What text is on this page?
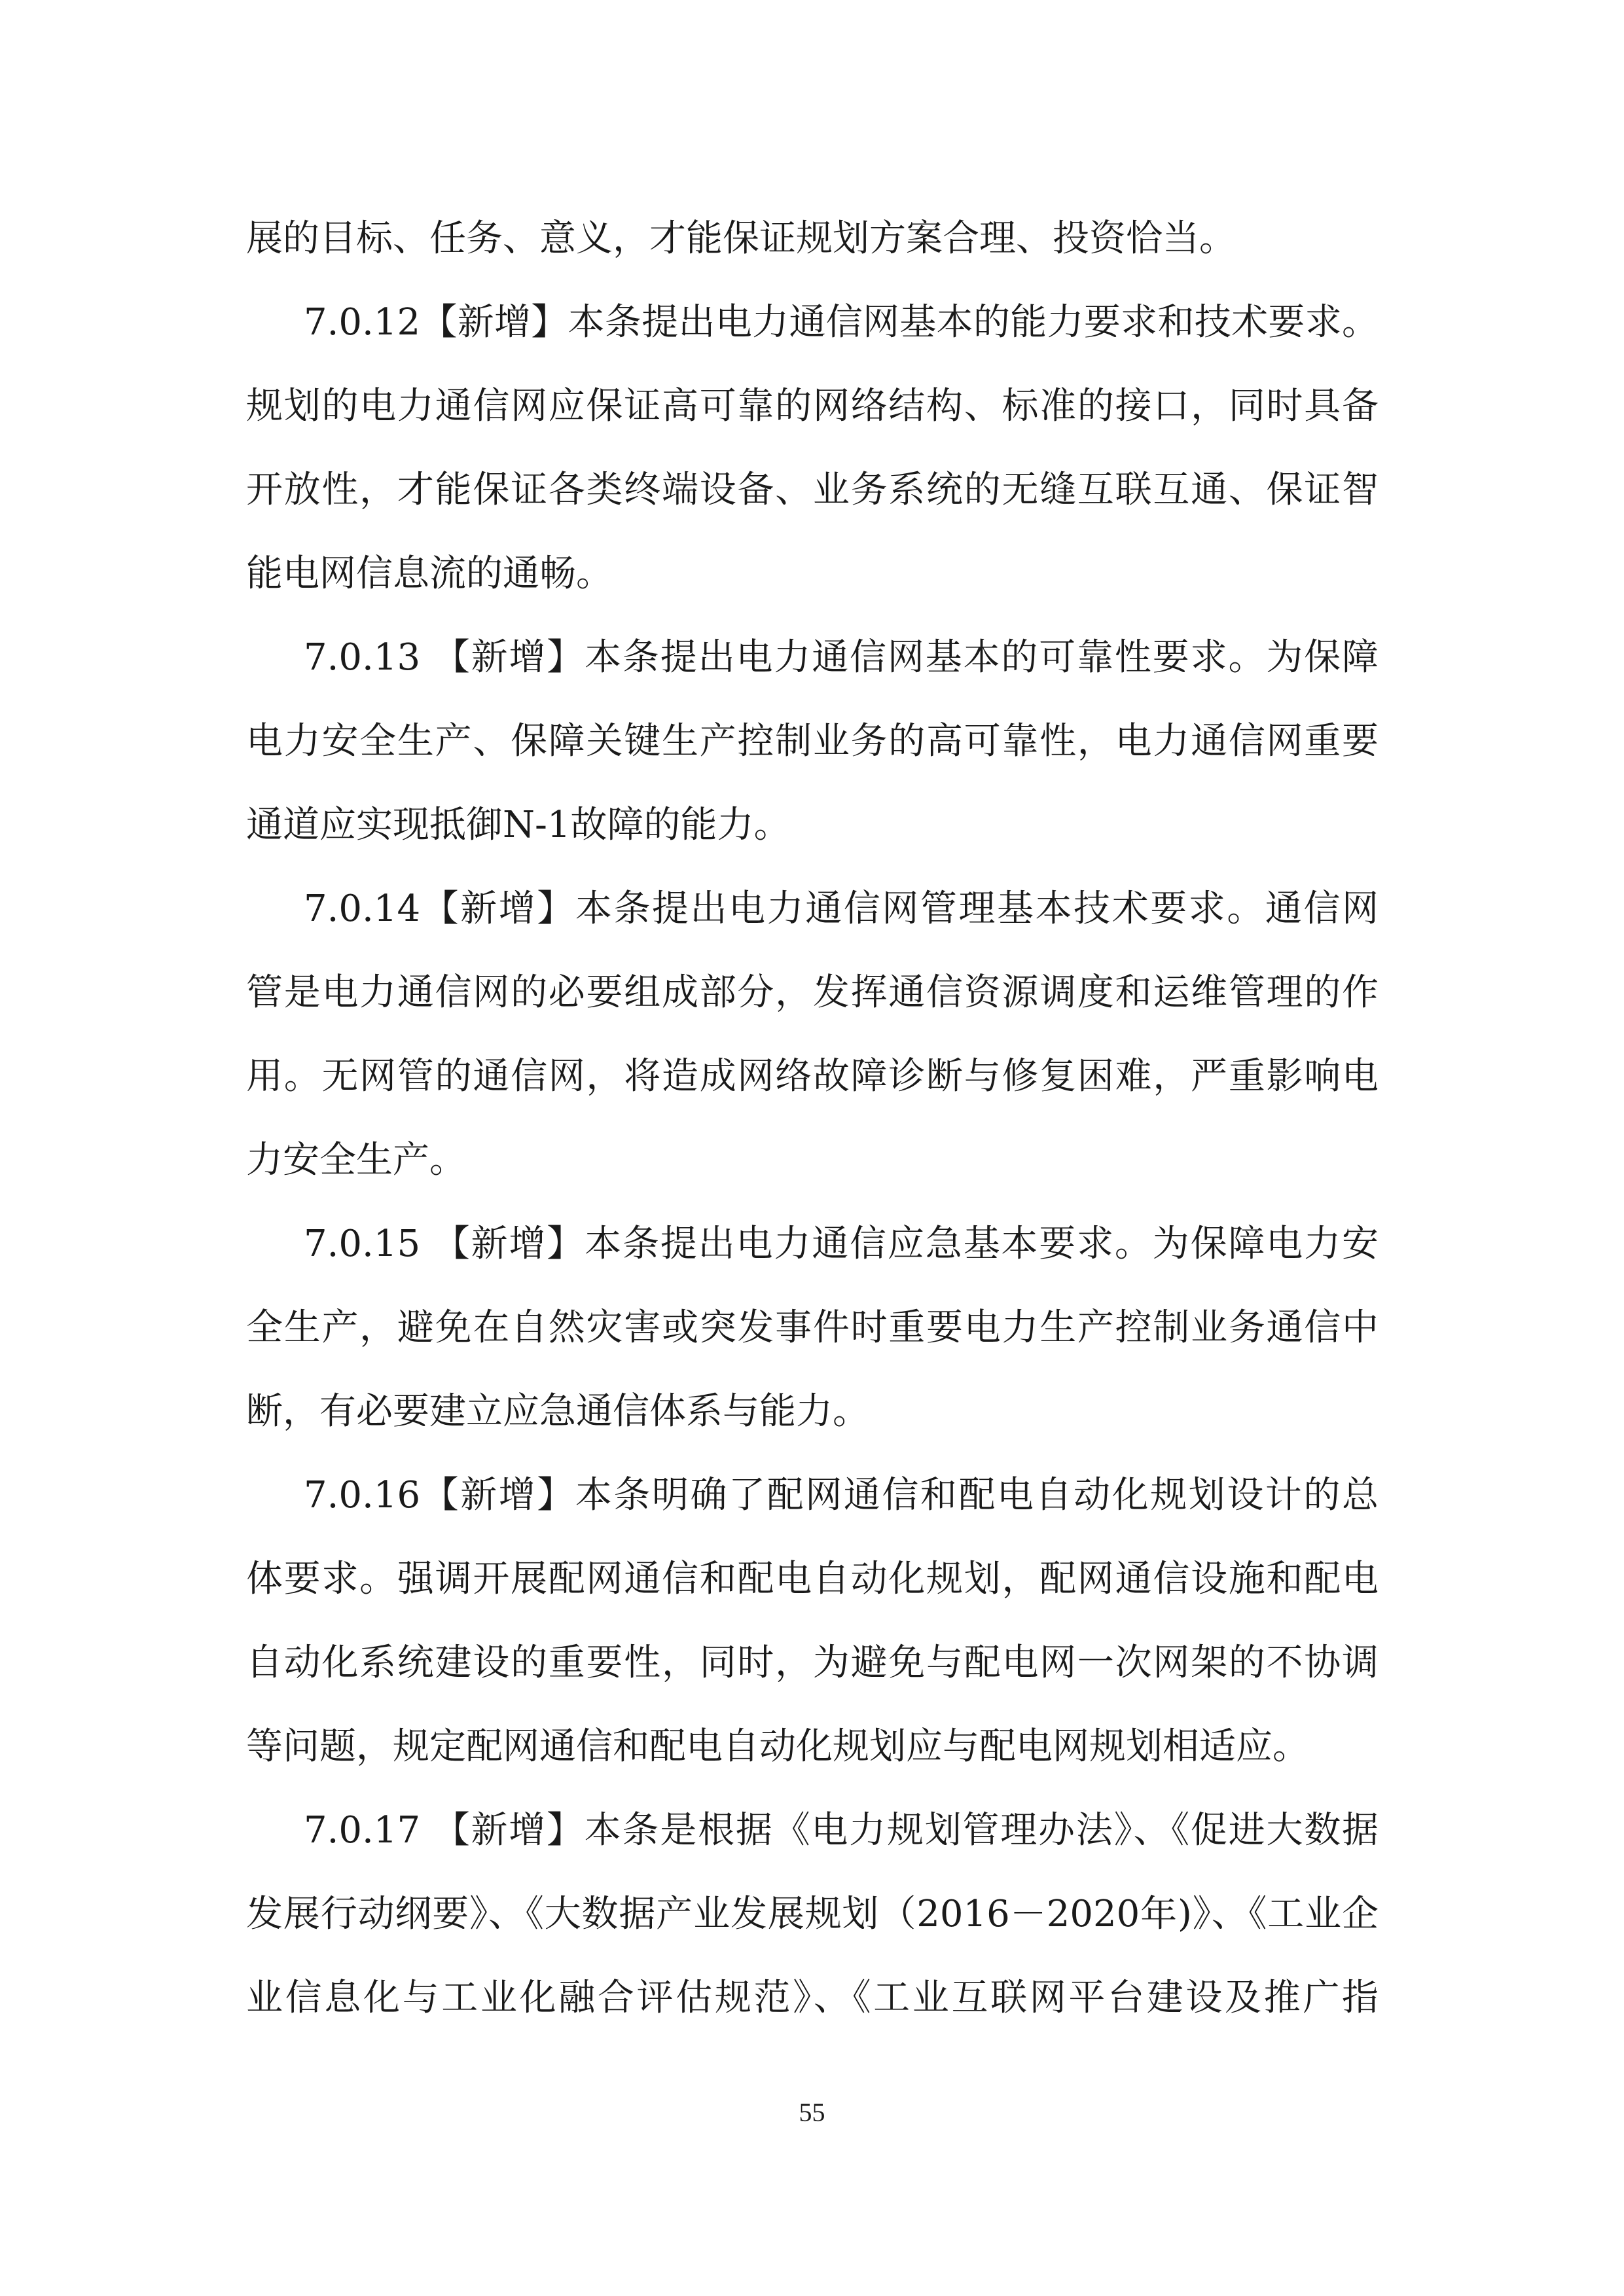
展的目标、任务、意义，才能保证规划方案合理、投资恰当。
7.0.12【新增】本条提出电力通信网基本的能力要求和技术要求。
规划的电力通信网应保证高可靠的网络结构、标准的接口，同时具备
开放性，才能保证各类终端设备、业务系统的无缝互联互通、保证智
能电网信息流的通畅。
7.0.13 【新增】本条提出电力通信网基本的可靠性要求。为保障
电力安全生产、保障关键生产控制业务的高可靠性，电力通信网重要
通道应实现抵御N-1故障的能力。
7.0.14【新增】本条提出电力通信网管理基本技术要求。通信网
管是电力通信网的必要组成部分，发挥通信资源调度和运维管理的作
用。无网管的通信网，将造成网络故障诊断与修复困难，严重影响电
力安全生产。
7.0.15 【新增】本条提出电力通信应急基本要求。为保障电力安
全生产，避免在自然灾害或突发事件时重要电力生产控制业务通信中
断，有必要建立应急通信体系与能力。
7.0.16【新增】本条明确了配网通信和配电自动化规划设计的总
体要求。强调开展配网通信和配电自动化规划，配网通信设施和配电
自动化系统建设的重要性，同时，为避免与配电网一次网架的不协调
等问题，规定配网通信和配电自动化规划应与配电网规划相适应。
7.0.17 【新增】本条是根据《电力规划管理办法》、《促进大数据
发展行动纲要》、《大数据产业发展规划（2016－2020年)》、《工业企
业信息化与工业化融合评估规范》、《工业互联网平台建设及推广指
55
